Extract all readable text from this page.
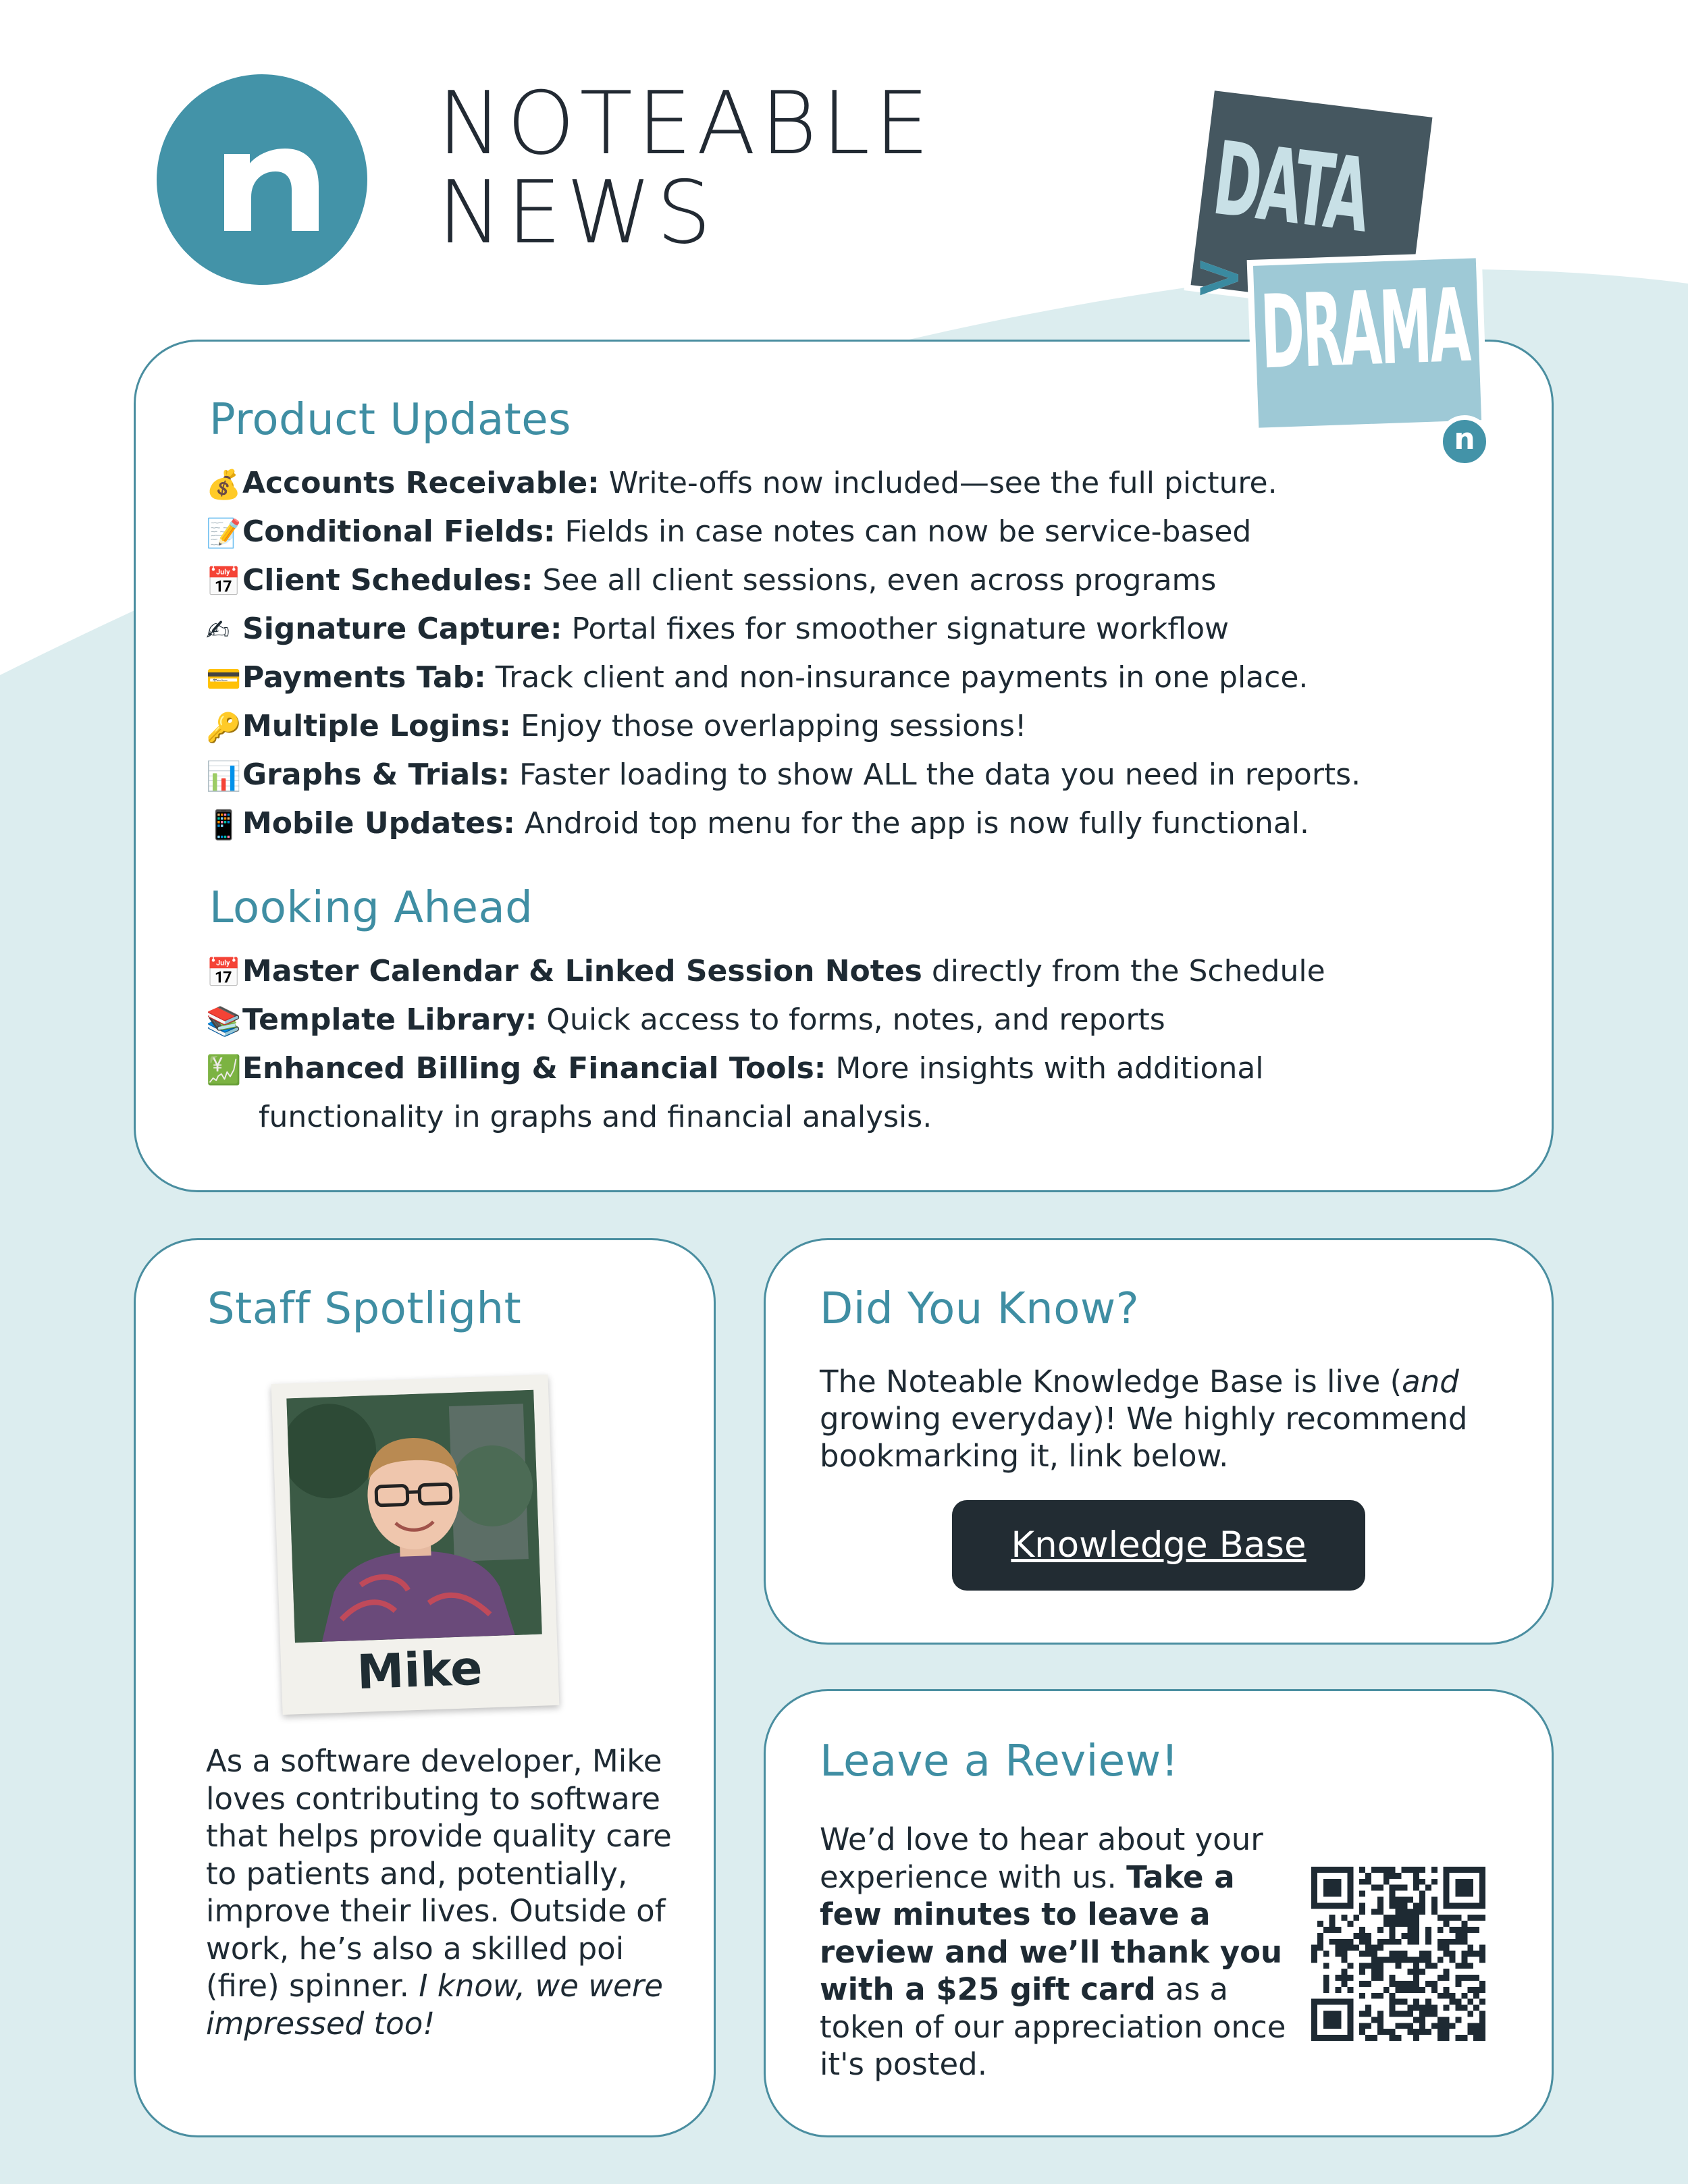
NOTEABLE
NEWS	DATA
DRAMA
>
n
Product Updates
💰Accounts Receivable: Write-offs now included—see the full picture.
📝Conditional Fields: Fields in case notes can now be service-based
📅Client Schedules: See all client sessions, even across programs
✍ Signature Capture: Portal fixes for smoother signature workflow
💳Payments Tab: Track client and non-insurance payments in one place.
🔑Multiple Logins: Enjoy those overlapping sessions!
📊Graphs & Trials: Faster loading to show ALL the data you need in reports.
📱Mobile Updates: Android top menu for the app is now fully functional.
Looking Ahead
📅Master Calendar & Linked Session Notes directly from the Schedule
📚Template Library: Quick access to forms, notes, and reports
💹Enhanced Billing & Financial Tools: More insights with additional
functionality in graphs and financial analysis.
Staff Spotlight
Mike

As a software developer, Mike loves contributing to software that helps provide quality care to patients and, potentially, improve their lives. Outside of work, he’s also a skilled poi (fire) spinner. I know, we were impressed too!

Did You Know?

The Noteable Knowledge Base is live (and growing everyday)! We highly recommend bookmarking it, link below.

Knowledge Base
Leave a Review!

We’d love to hear about your experience with us. Take a few minutes to leave a review and we’ll thank you with a $25 gift card as a token of our appreciation once it's posted.
